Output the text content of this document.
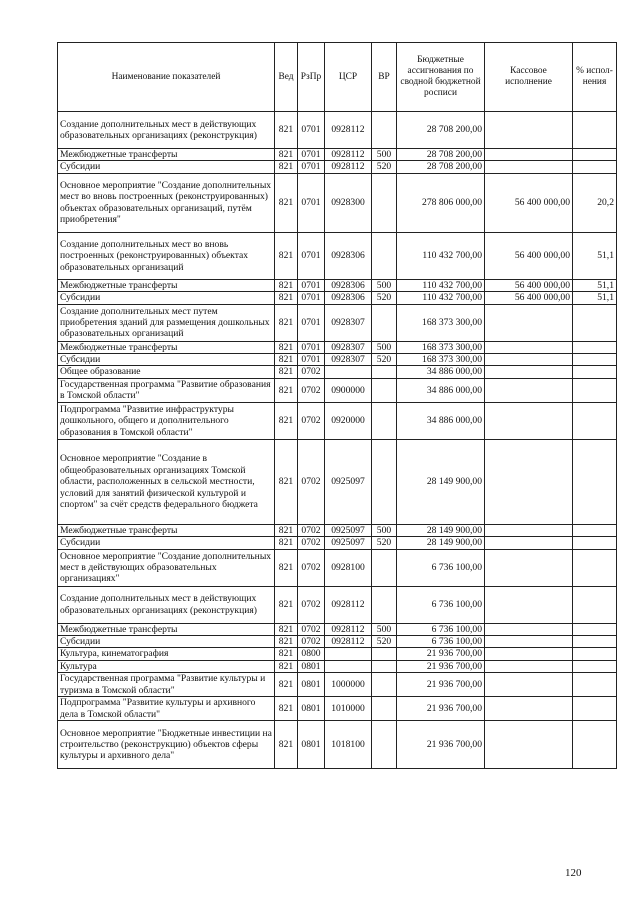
Наименование показателей	Вед	РзПр	ЦСР	ВР	Бюджетные ассигнования по сводной бюджетной росписи	Кассовое исполнение	% испол-нения
Создание дополнительных мест в действующих образовательных организациях (реконструкция)	821	0701	0928112		28 708 200,00		
Межбюджетные трансферты	821	0701	0928112	500	28 708 200,00		
Субсидии	821	0701	0928112	520	28 708 200,00		
Основное мероприятие "Создание дополнительных мест во вновь построенных (реконструированных) объектах образовательных организаций, путём приобретения"	821	0701	0928300		278 806 000,00	56 400 000,00	20,2
Создание дополнительных мест во вновь построенных (реконструированных) объектах образовательных организаций	821	0701	0928306		110 432 700,00	56 400 000,00	51,1
Межбюджетные трансферты	821	0701	0928306	500	110 432 700,00	56 400 000,00	51,1
Субсидии	821	0701	0928306	520	110 432 700,00	56 400 000,00	51,1
Создание дополнительных мест путем приобретения зданий для размещения дошкольных образовательных организаций	821	0701	0928307		168 373 300,00		
Межбюджетные трансферты	821	0701	0928307	500	168 373 300,00		
Субсидии	821	0701	0928307	520	168 373 300,00		
Общее образование	821	0702			34 886 000,00		
Государственная программа "Развитие образования в Томской области"	821	0702	0900000		34 886 000,00		
Подпрограмма "Развитие инфраструктуры дошкольного, общего и дополнительного образования в Томской области"	821	0702	0920000		34 886 000,00		
Основное мероприятие "Создание в общеобразовательных организациях Томской области, расположенных в сельской местности, условий для занятий физической культурой и спортом" за счёт средств федерального бюджета	821	0702	0925097		28 149 900,00		
Межбюджетные трансферты	821	0702	0925097	500	28 149 900,00		
Субсидии	821	0702	0925097	520	28 149 900,00		
Основное мероприятие "Создание дополнительных мест в действующих образовательных организациях"	821	0702	0928100		6 736 100,00		
Создание дополнительных мест в действующих образовательных организациях (реконструкция)	821	0702	0928112		6 736 100,00		
Межбюджетные трансферты	821	0702	0928112	500	6 736 100,00		
Субсидии	821	0702	0928112	520	6 736 100,00		
Культура, кинематография	821	0800			21 936 700,00		
Культура	821	0801			21 936 700,00		
Государственная программа "Развитие культуры и туризма в Томской области"	821	0801	1000000		21 936 700,00		
Подпрограмма "Развитие культуры и архивного дела в Томской области"	821	0801	1010000		21 936 700,00		
Основное мероприятие "Бюджетные инвестиции на строительство (реконструкцию) объектов сферы культуры и архивного дела"	821	0801	1018100		21 936 700,00		
120
